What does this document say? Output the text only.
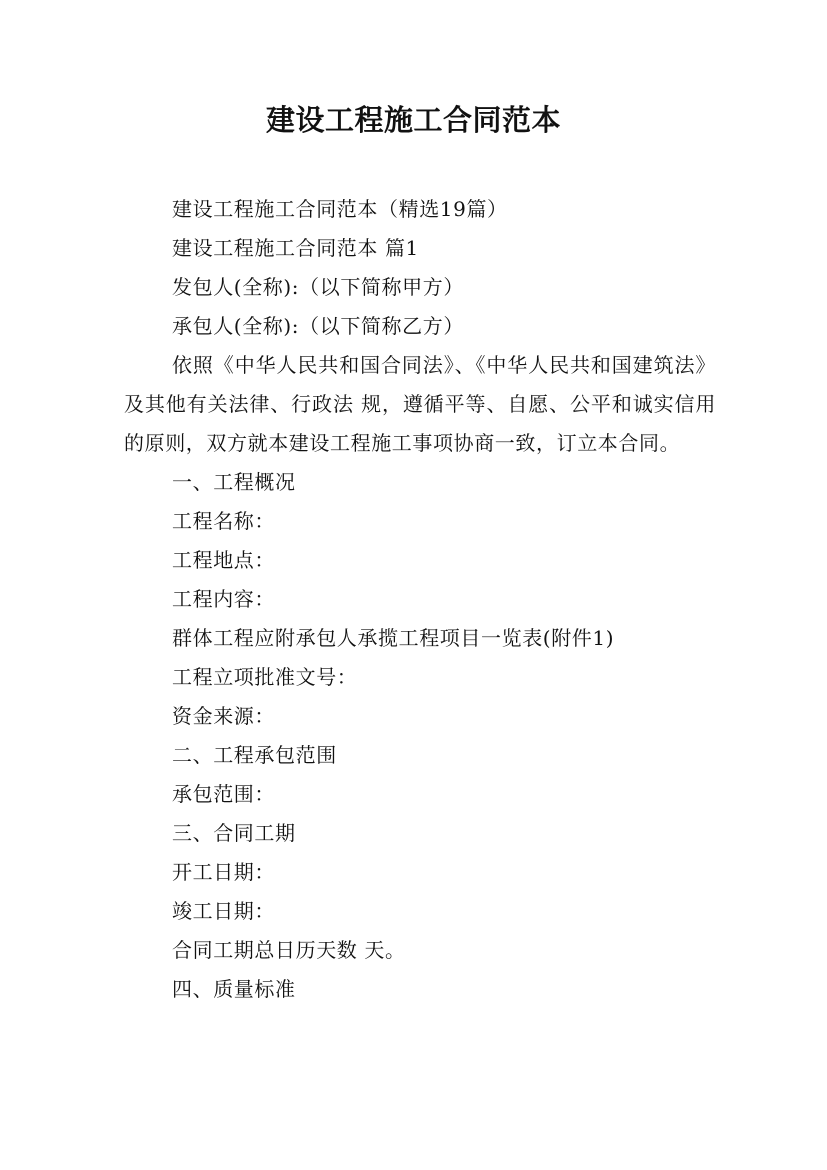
建设工程施工合同范本

建设工程施工合同范本（精选19篇）

建设工程施工合同范本 篇1

发包人(全称):（以下简称甲方）

承包人(全称):（以下简称乙方）

依照《中华人民共和国合同法》、《中华人民共和国建筑法》及其他有关法律、行政法 规，遵循平等、自愿、公平和诚实信用的原则，双方就本建设工程施工事项协商一致，订立本合同。

一、工程概况

工程名称：

工程地点：

工程内容：

群体工程应附承包人承揽工程项目一览表(附件1)

工程立项批准文号：

资金来源：

二、工程承包范围

承包范围：

三、合同工期

开工日期：

竣工日期：

合同工期总日历天数 天。

四、质量标准
